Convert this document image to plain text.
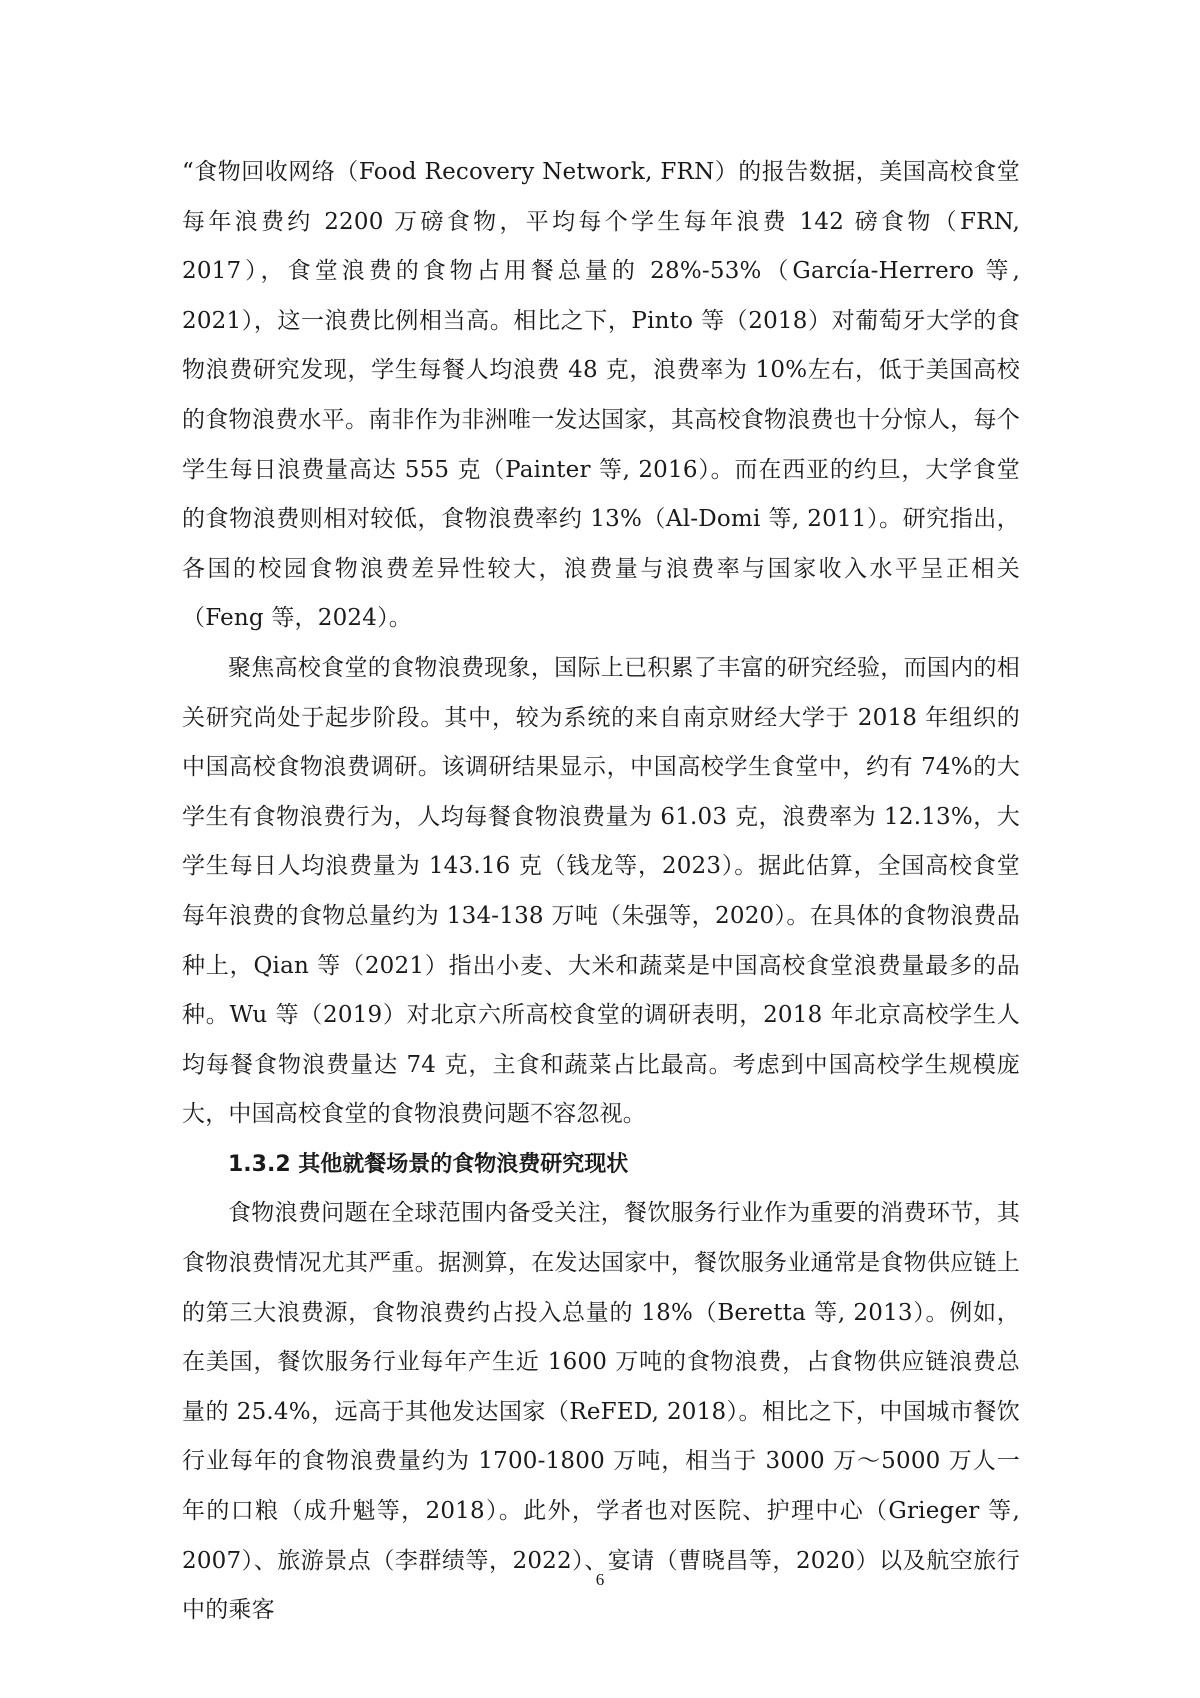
“食物回收网络（Food Recovery Network, FRN）的报告数据，美国高校食堂每年浪费约 2200 万磅食物，平均每个学生每年浪费 142 磅食物（FRN, 2017），食堂浪费的食物占用餐总量的 28%-53%（García-Herrero 等, 2021），这一浪费比例相当高。相比之下，Pinto 等（2018）对葡萄牙大学的食物浪费研究发现，学生每餐人均浪费 48 克，浪费率为 10%左右，低于美国高校的食物浪费水平。南非作为非洲唯一发达国家，其高校食物浪费也十分惊人，每个学生每日浪费量高达 555 克（Painter 等, 2016）。而在西亚的约旦，大学食堂的食物浪费则相对较低，食物浪费率约 13%（Al-Domi 等, 2011）。研究指出，各国的校园食物浪费差异性较大，浪费量与浪费率与国家收入水平呈正相关（Feng 等，2024）。

聚焦高校食堂的食物浪费现象，国际上已积累了丰富的研究经验，而国内的相关研究尚处于起步阶段。其中，较为系统的来自南京财经大学于 2018 年组织的中国高校食物浪费调研。该调研结果显示，中国高校学生食堂中，约有 74%的大学生有食物浪费行为，人均每餐食物浪费量为 61.03 克，浪费率为 12.13%，大学生每日人均浪费量为 143.16 克（钱龙等，2023）。据此估算，全国高校食堂每年浪费的食物总量约为 134-138 万吨（朱强等，2020）。在具体的食物浪费品种上，Qian 等（2021）指出小麦、大米和蔬菜是中国高校食堂浪费量最多的品种。Wu 等（2019）对北京六所高校食堂的调研表明，2018 年北京高校学生人均每餐食物浪费量达 74 克，主食和蔬菜占比最高。考虑到中国高校学生规模庞大，中国高校食堂的食物浪费问题不容忽视。

1.3.2 其他就餐场景的食物浪费研究现状

食物浪费问题在全球范围内备受关注，餐饮服务行业作为重要的消费环节，其食物浪费情况尤其严重。据测算，在发达国家中，餐饮服务业通常是食物供应链上的第三大浪费源，食物浪费约占投入总量的 18%（Beretta 等, 2013）。例如，在美国，餐饮服务行业每年产生近 1600 万吨的食物浪费，占食物供应链浪费总量的 25.4%，远高于其他发达国家（ReFED, 2018）。相比之下，中国城市餐饮行业每年的食物浪费量约为 1700-1800 万吨，相当于 3000 万～5000 万人一年的口粮（成升魁等，2018）。此外，学者也对医院、护理中心（Grieger 等, 2007）、旅游景点（李群绩等，2022）、宴请（曹晓昌等，2020）以及航空旅行中的乘客

6
